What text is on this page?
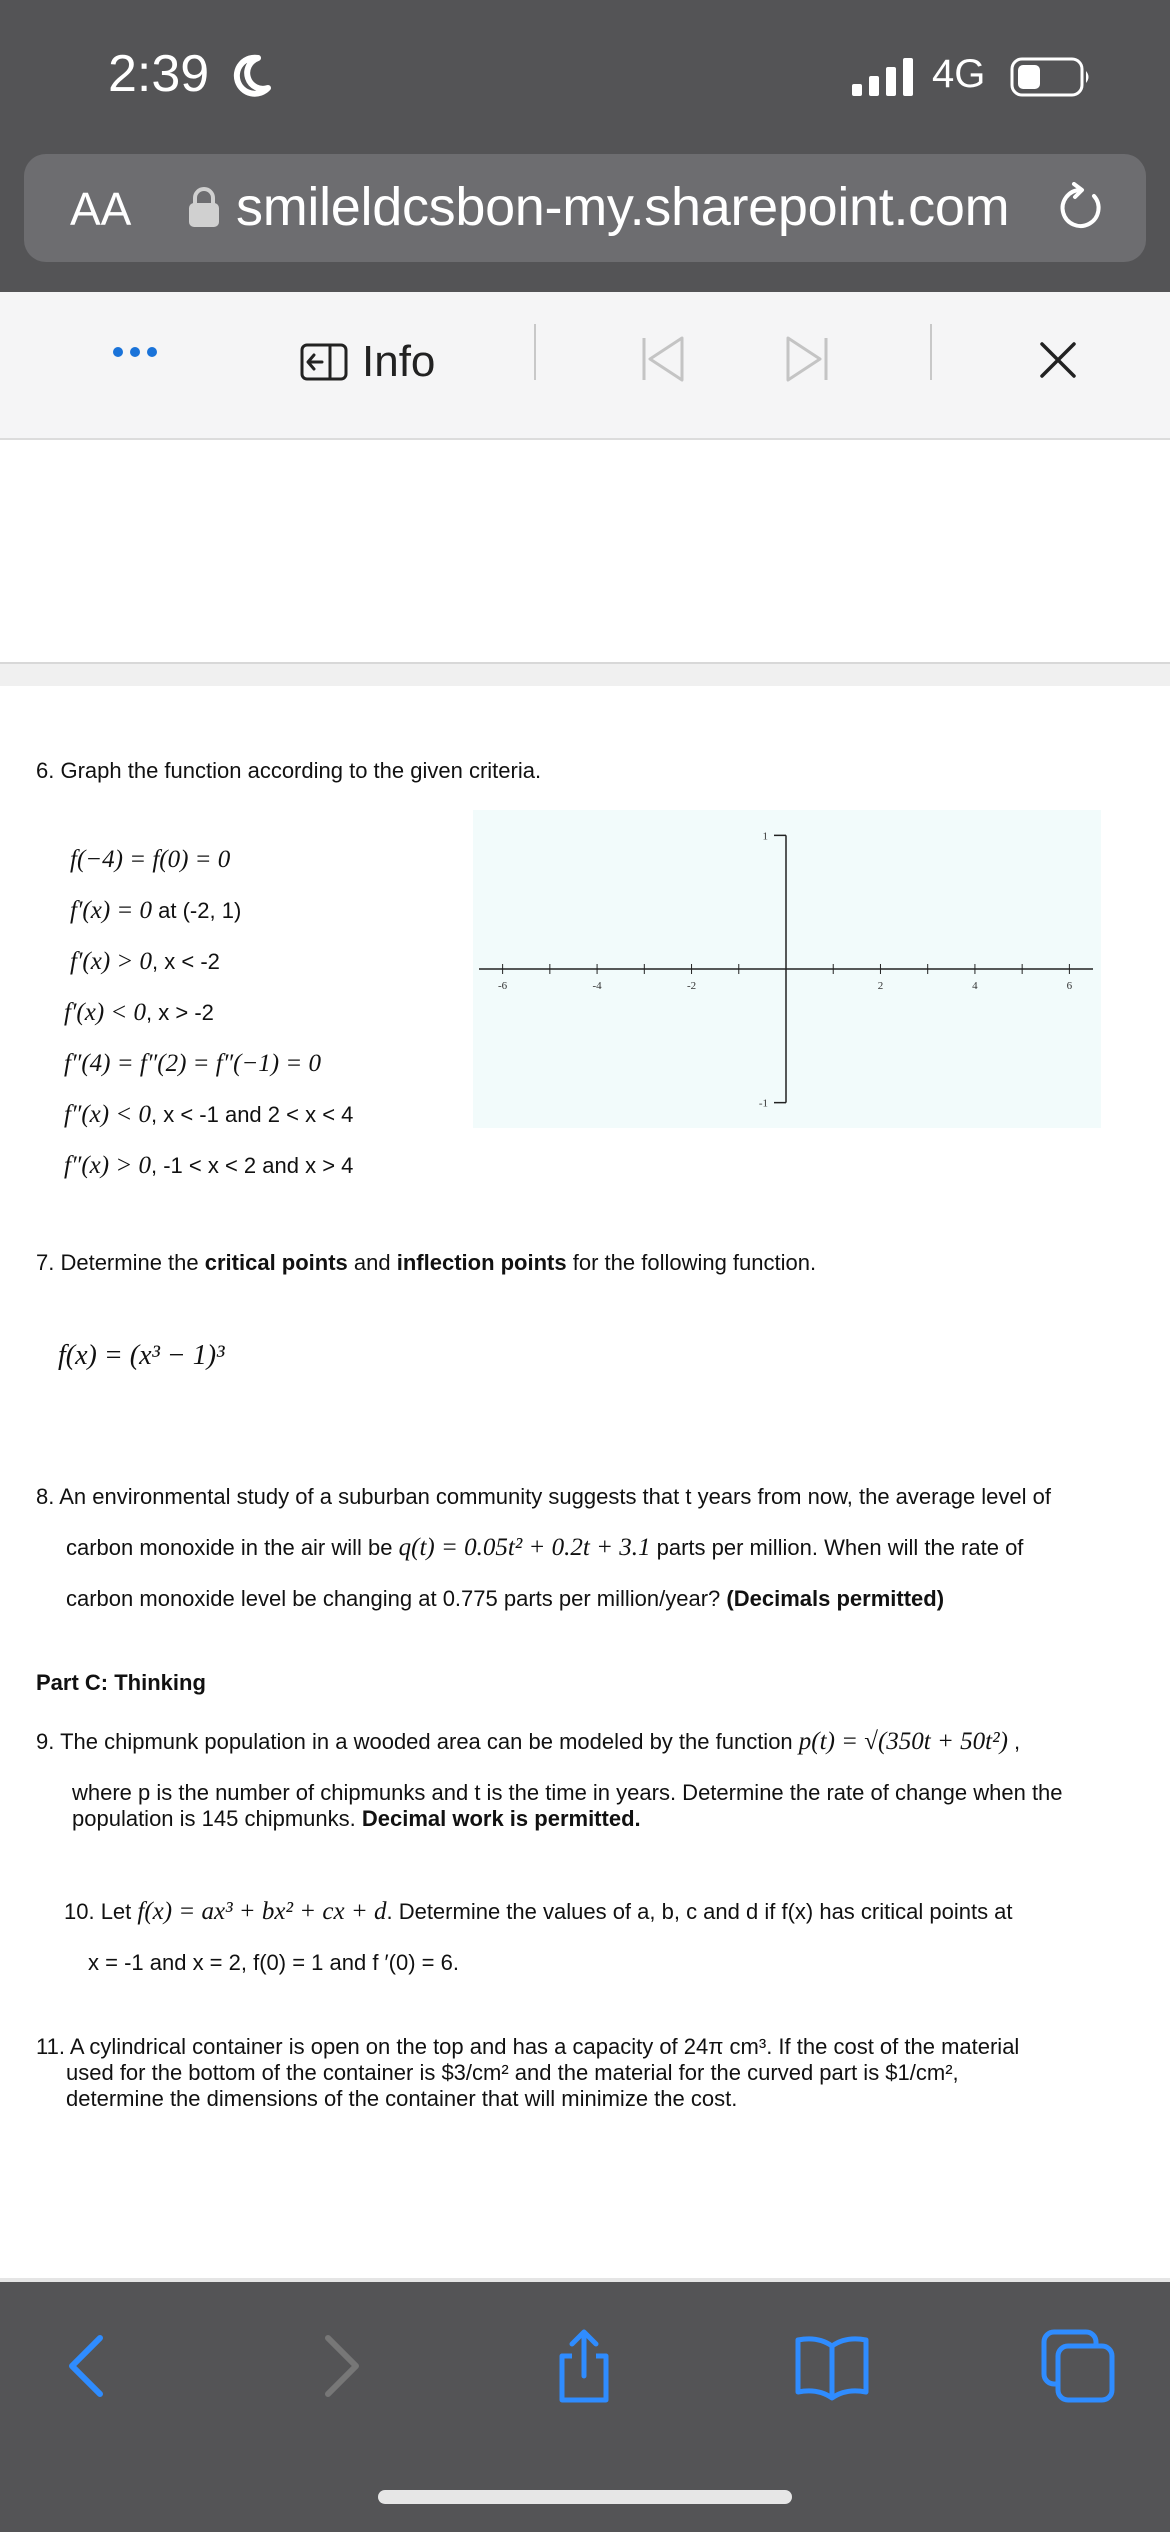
2:39	4G
AA smileldcsbon-my.sharepoint.com
Info
6. Graph the function according to the given criteria.
f(−4) = f(0) = 0
f′(x) = 0 at (-2, 1)
f′(x) > 0, x < -2
f′(x) < 0, x > -2
f″(4) = f″(2) = f″(−1) = 0
f″(x) < 0, x < -1 and 2 < x < 4
f″(x) > 0, -1 < x < 2 and x > 4
-6	-4	-2	2	4	6
1
-1
7. Determine the critical points and inflection points for the following function.
f(x) = (x³ − 1)³
8. An environmental study of a suburban community suggests that t years from now, the average level of
carbon monoxide in the air will be q(t) = 0.05t² + 0.2t + 3.1 parts per million. When will the rate of
carbon monoxide level be changing at 0.775 parts per million/year? (Decimals permitted)
Part C: Thinking
9. The chipmunk population in a wooded area can be modeled by the function p(t) = √(350t + 50t²) ,
where p is the number of chipmunks and t is the time in years. Determine the rate of change when the
population is 145 chipmunks. Decimal work is permitted.
10. Let f(x) = ax³ + bx² + cx + d. Determine the values of a, b, c and d if f(x) has critical points at
x = -1 and x = 2, f(0) = 1 and f ′(0) = 6.
11. A cylindrical container is open on the top and has a capacity of 24π cm³. If the cost of the material
used for the bottom of the container is $3/cm² and the material for the curved part is $1/cm²,
determine the dimensions of the container that will minimize the cost.
